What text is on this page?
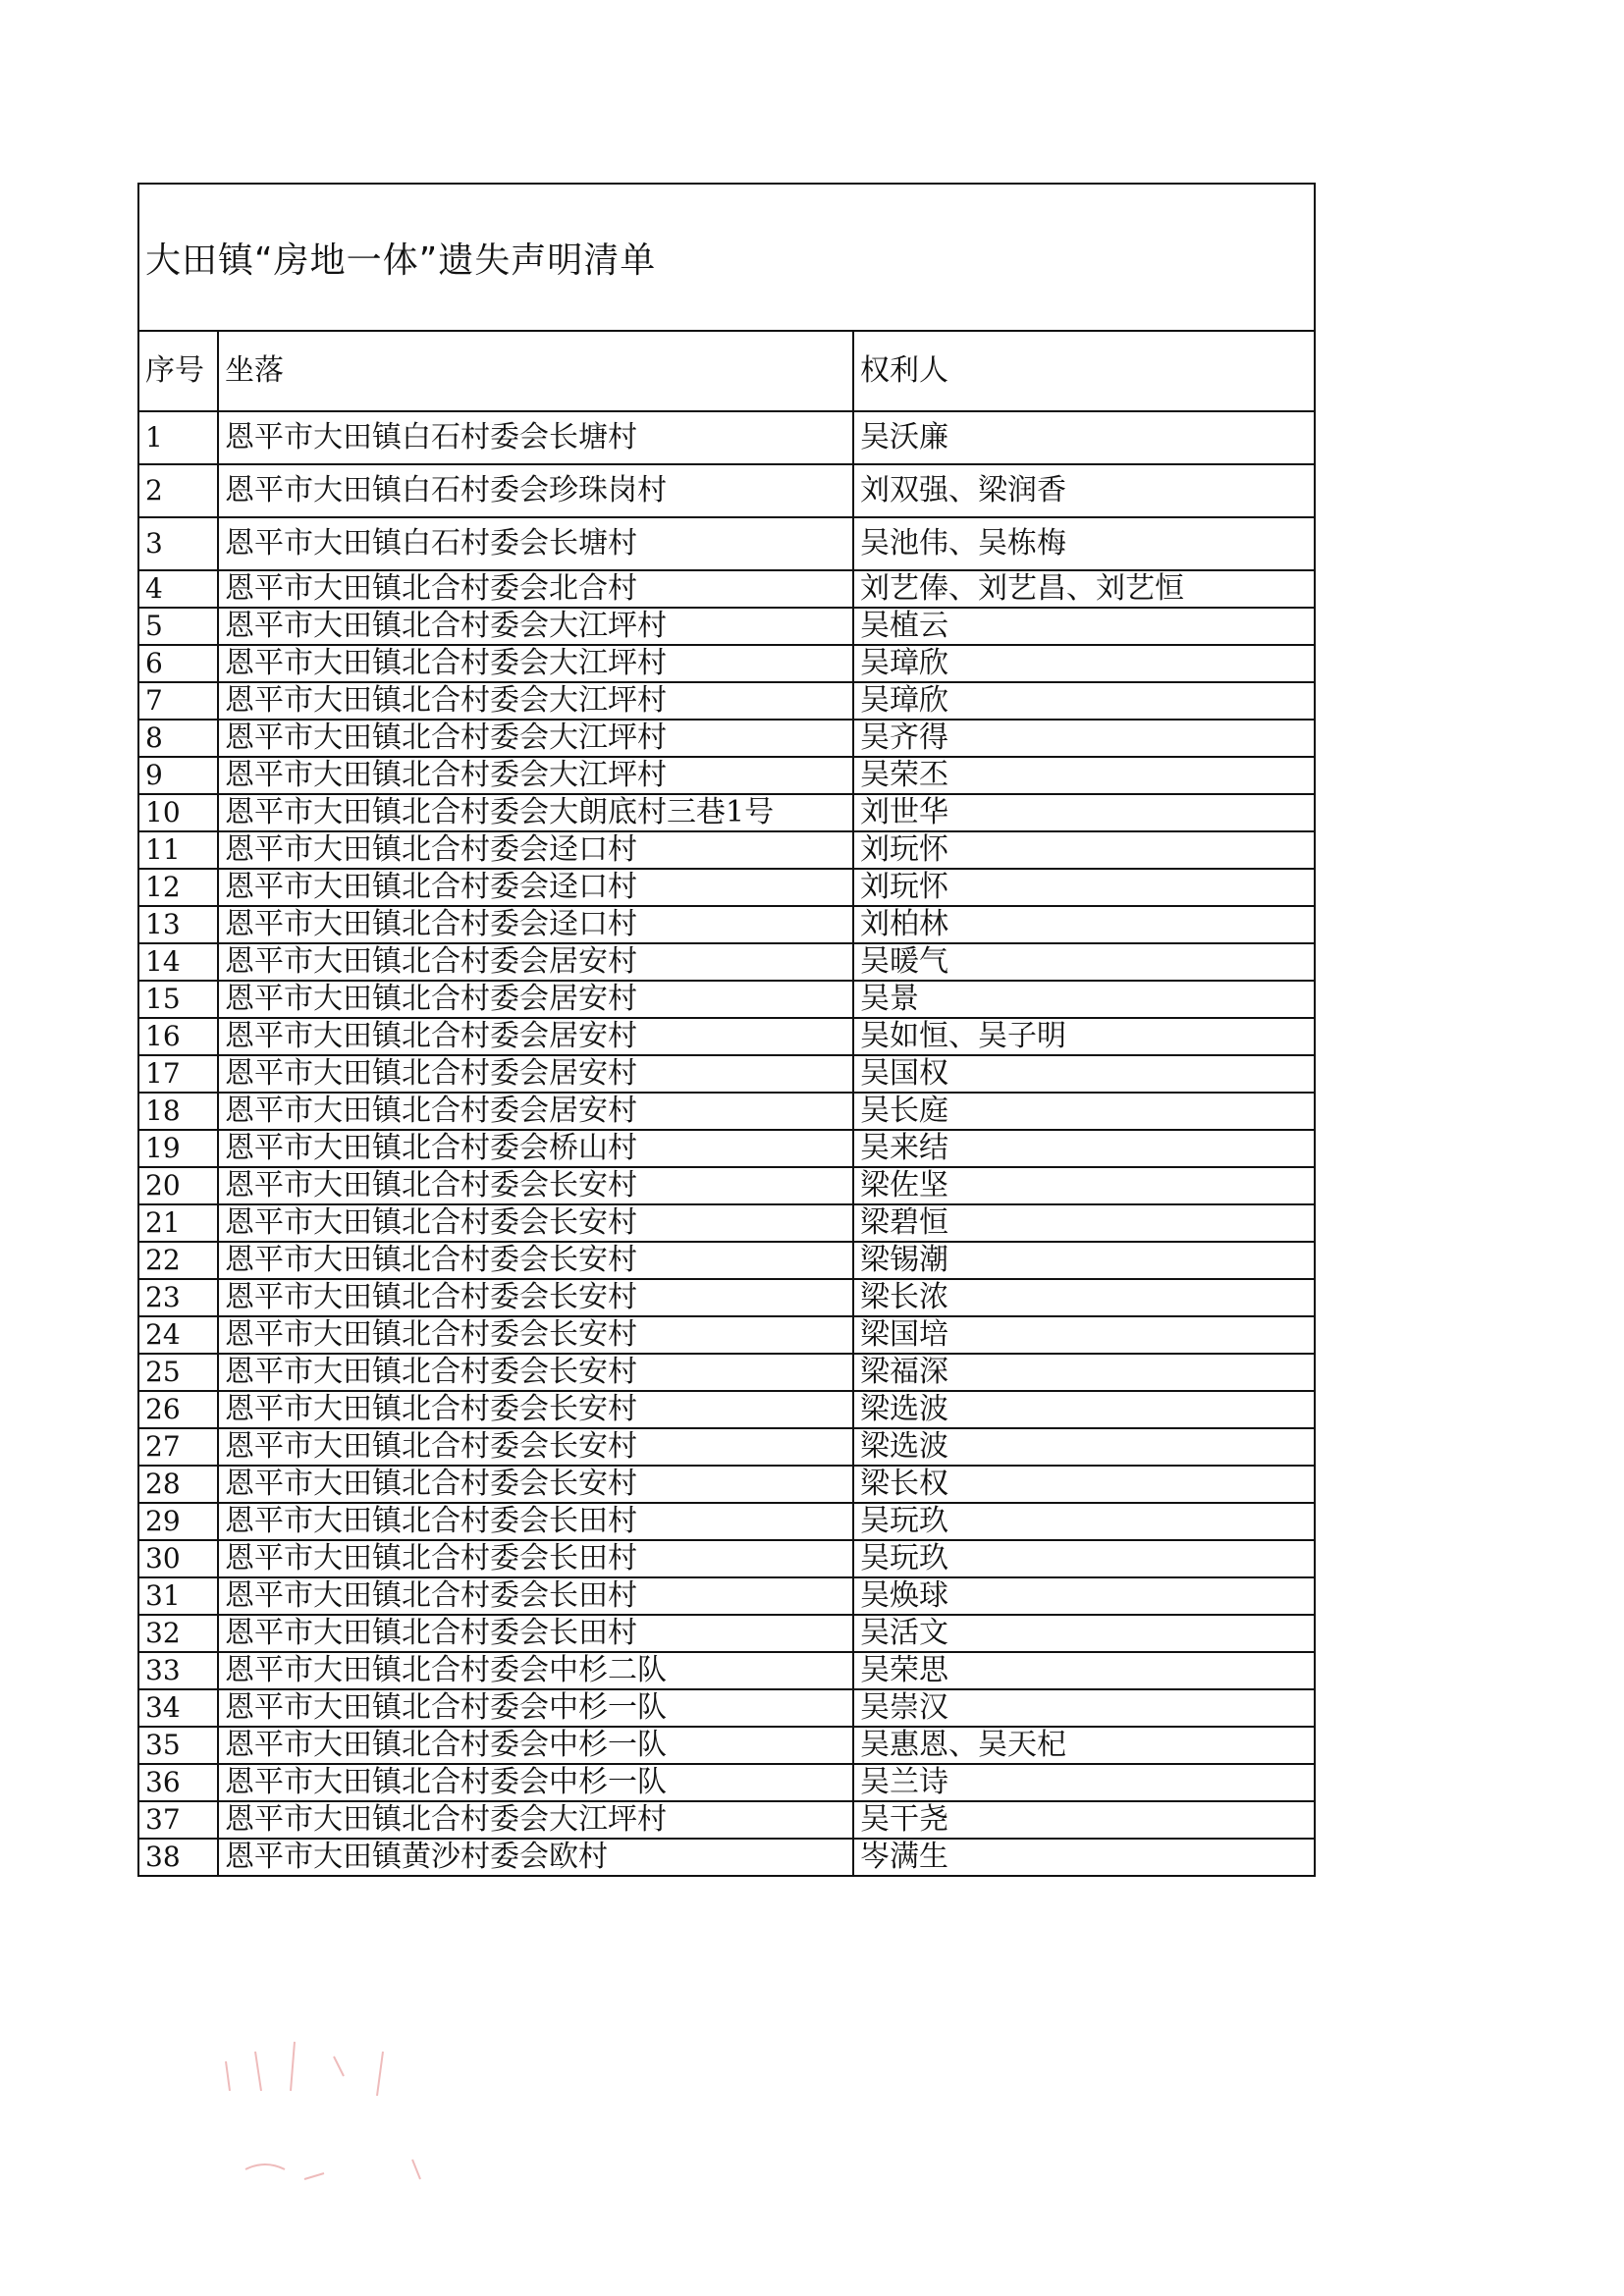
大田镇“房地一体”遗失声明清单
序号	坐落	权利人
1	恩平市大田镇白石村委会长塘村	吴沃廉
2	恩平市大田镇白石村委会珍珠岗村	刘双强、梁润香
3	恩平市大田镇白石村委会长塘村	吴池伟、吴栋梅
4	恩平市大田镇北合村委会北合村	刘艺俸、刘艺昌、刘艺恒
5	恩平市大田镇北合村委会大江坪村	吴植云
6	恩平市大田镇北合村委会大江坪村	吴璋欣
7	恩平市大田镇北合村委会大江坪村	吴璋欣
8	恩平市大田镇北合村委会大江坪村	吴齐得
9	恩平市大田镇北合村委会大江坪村	吴荣丕
10	恩平市大田镇北合村委会大朗底村三巷1号	刘世华
11	恩平市大田镇北合村委会迳口村	刘玩怀
12	恩平市大田镇北合村委会迳口村	刘玩怀
13	恩平市大田镇北合村委会迳口村	刘柏林
14	恩平市大田镇北合村委会居安村	吴暖气
15	恩平市大田镇北合村委会居安村	吴景
16	恩平市大田镇北合村委会居安村	吴如恒、吴子明
17	恩平市大田镇北合村委会居安村	吴国权
18	恩平市大田镇北合村委会居安村	吴长庭
19	恩平市大田镇北合村委会桥山村	吴来结
20	恩平市大田镇北合村委会长安村	梁佐坚
21	恩平市大田镇北合村委会长安村	梁碧恒
22	恩平市大田镇北合村委会长安村	梁锡潮
23	恩平市大田镇北合村委会长安村	梁长浓
24	恩平市大田镇北合村委会长安村	梁国培
25	恩平市大田镇北合村委会长安村	梁福深
26	恩平市大田镇北合村委会长安村	梁选波
27	恩平市大田镇北合村委会长安村	梁选波
28	恩平市大田镇北合村委会长安村	梁长权
29	恩平市大田镇北合村委会长田村	吴玩玖
30	恩平市大田镇北合村委会长田村	吴玩玖
31	恩平市大田镇北合村委会长田村	吴焕球
32	恩平市大田镇北合村委会长田村	吴活文
33	恩平市大田镇北合村委会中杉二队	吴荣思
34	恩平市大田镇北合村委会中杉一队	吴崇汉
35	恩平市大田镇北合村委会中杉一队	吴惠恩、吴天杞
36	恩平市大田镇北合村委会中杉一队	吴兰诗
37	恩平市大田镇北合村委会大江坪村	吴干尧
38	恩平市大田镇黄沙村委会欧村	岑满生
